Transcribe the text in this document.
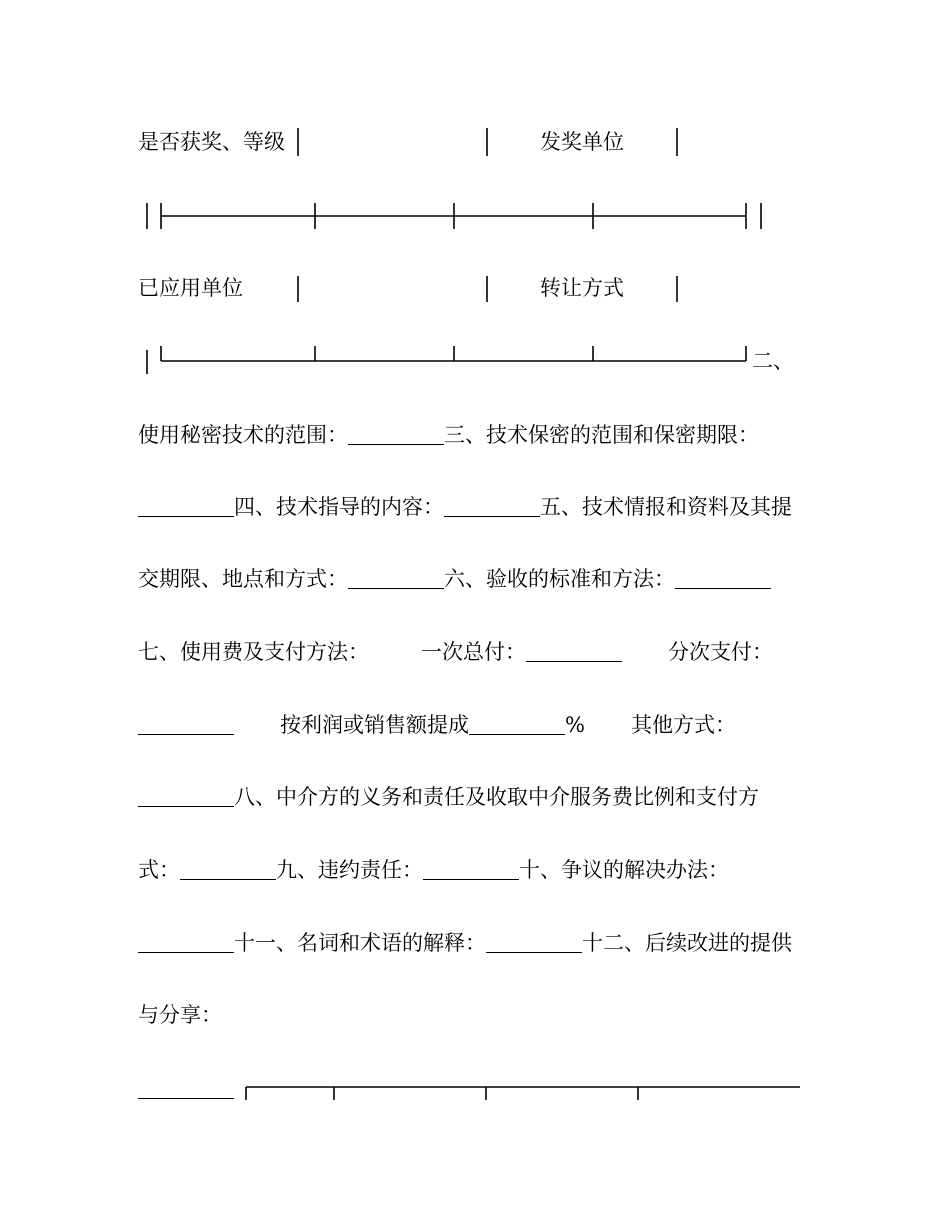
是否获奖、等级	发奖单位
已应用单位	转让方式
二、
使用秘密技术的范围：	三、技术保密的范围和保密期限：
四、技术指导的内容：	五、技术情报和资料及其提
交期限、地点和方式：	六、验收的标准和方法：
七、使用费及支付方法： 一次总付：	分次支付：
按利润或销售额提成	% 其他方式：
八、中介方的义务和责任及收取中介服务费比例和支付方
式：	九、违约责任：	十、争议的解决办法：
十一、名词和术语的解释：	十二、后续改进的提供
与分享：
